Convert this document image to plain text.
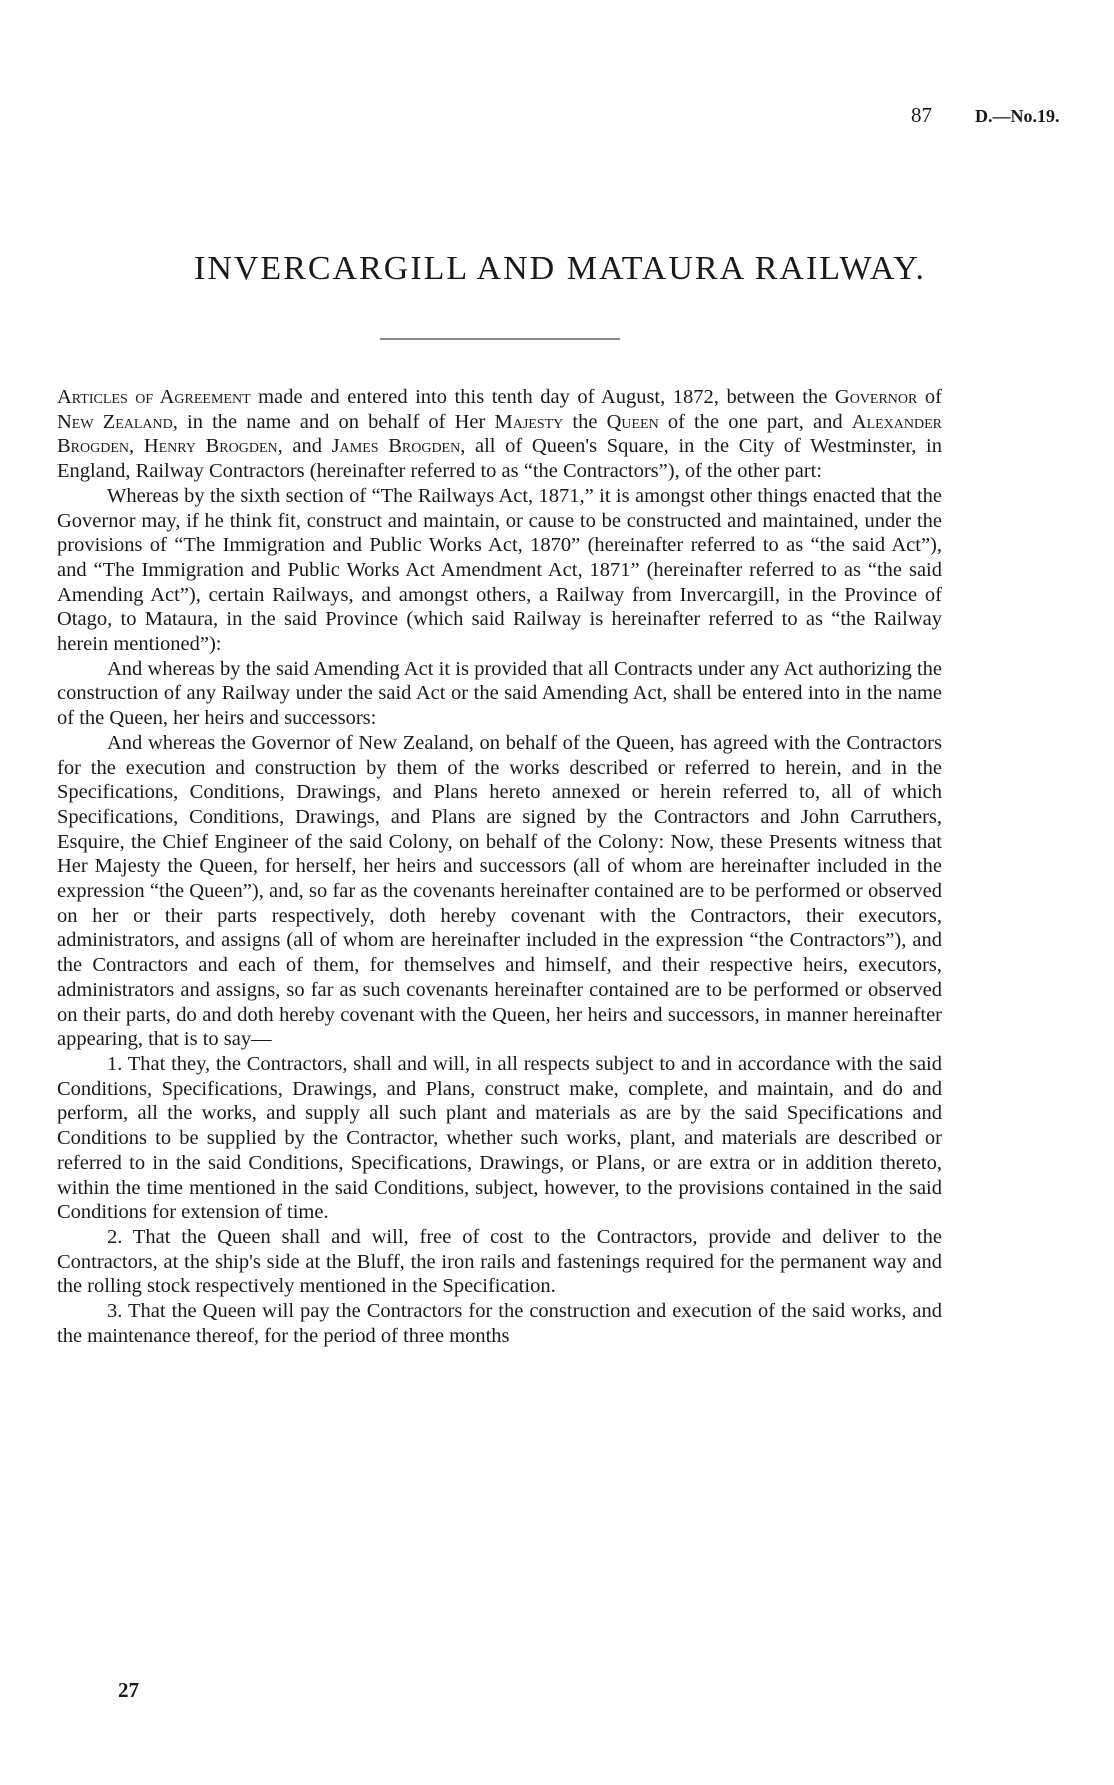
87 D.—No.19.
INVERCARGILL AND MATAURA RAILWAY.

Articles of Agreement made and entered into this tenth day of August, 1872, between the Governor of New Zealand, in the name and on behalf of Her Majesty the Queen of the one part, and Alexander Brogden, Henry Brogden, and James Brogden, all of Queen's Square, in the City of Westminster, in England, Railway Contractors (hereinafter referred to as “the Contractors”), of the other part:

Whereas by the sixth section of “The Railways Act, 1871,” it is amongst other things enacted that the Governor may, if he think fit, construct and maintain, or cause to be constructed and maintained, under the provisions of “The Immigration and Public Works Act, 1870” (hereinafter referred to as “the said Act”), and “The Immigration and Public Works Act Amendment Act, 1871” (hereinafter referred to as “the said Amending Act”), certain Railways, and amongst others, a Railway from Invercargill, in the Province of Otago, to Mataura, in the said Province (which said Railway is hereinafter referred to as “the Railway herein mentioned”):

And whereas by the said Amending Act it is provided that all Contracts under any Act authorizing the construction of any Railway under the said Act or the said Amending Act, shall be entered into in the name of the Queen, her heirs and successors:

And whereas the Governor of New Zealand, on behalf of the Queen, has agreed with the Contractors for the execution and construction by them of the works described or referred to herein, and in the Specifications, Conditions, Drawings, and Plans hereto annexed or herein referred to, all of which Specifications, Conditions, Drawings, and Plans are signed by the Contractors and John Carruthers, Esquire, the Chief Engineer of the said Colony, on behalf of the Colony: Now, these Presents witness that Her Majesty the Queen, for herself, her heirs and successors (all of whom are hereinafter included in the expression “the Queen”), and, so far as the covenants hereinafter contained are to be performed or observed on her or their parts respectively, doth hereby covenant with the Contractors, their executors, administrators, and assigns (all of whom are hereinafter included in the expression “the Contractors”), and the Contractors and each of them, for themselves and himself, and their respective heirs, executors, administrators and assigns, so far as such covenants hereinafter contained are to be performed or observed on their parts, do and doth hereby covenant with the Queen, her heirs and successors, in manner hereinafter appearing, that is to say—

1. That they, the Contractors, shall and will, in all respects subject to and in accordance with the said Conditions, Specifications, Drawings, and Plans, construct make, complete, and maintain, and do and perform, all the works, and supply all such plant and materials as are by the said Specifications and Conditions to be supplied by the Contractor, whether such works, plant, and materials are described or referred to in the said Conditions, Specifications, Drawings, or Plans, or are extra or in addition thereto, within the time mentioned in the said Conditions, subject, however, to the provisions contained in the said Conditions for extension of time.

2. That the Queen shall and will, free of cost to the Contractors, provide and deliver to the Contractors, at the ship's side at the Bluff, the iron rails and fastenings required for the permanent way and the rolling stock respectively mentioned in the Specification.

3. That the Queen will pay the Contractors for the construction and execution of the said works, and the maintenance thereof, for the period of three months

27
